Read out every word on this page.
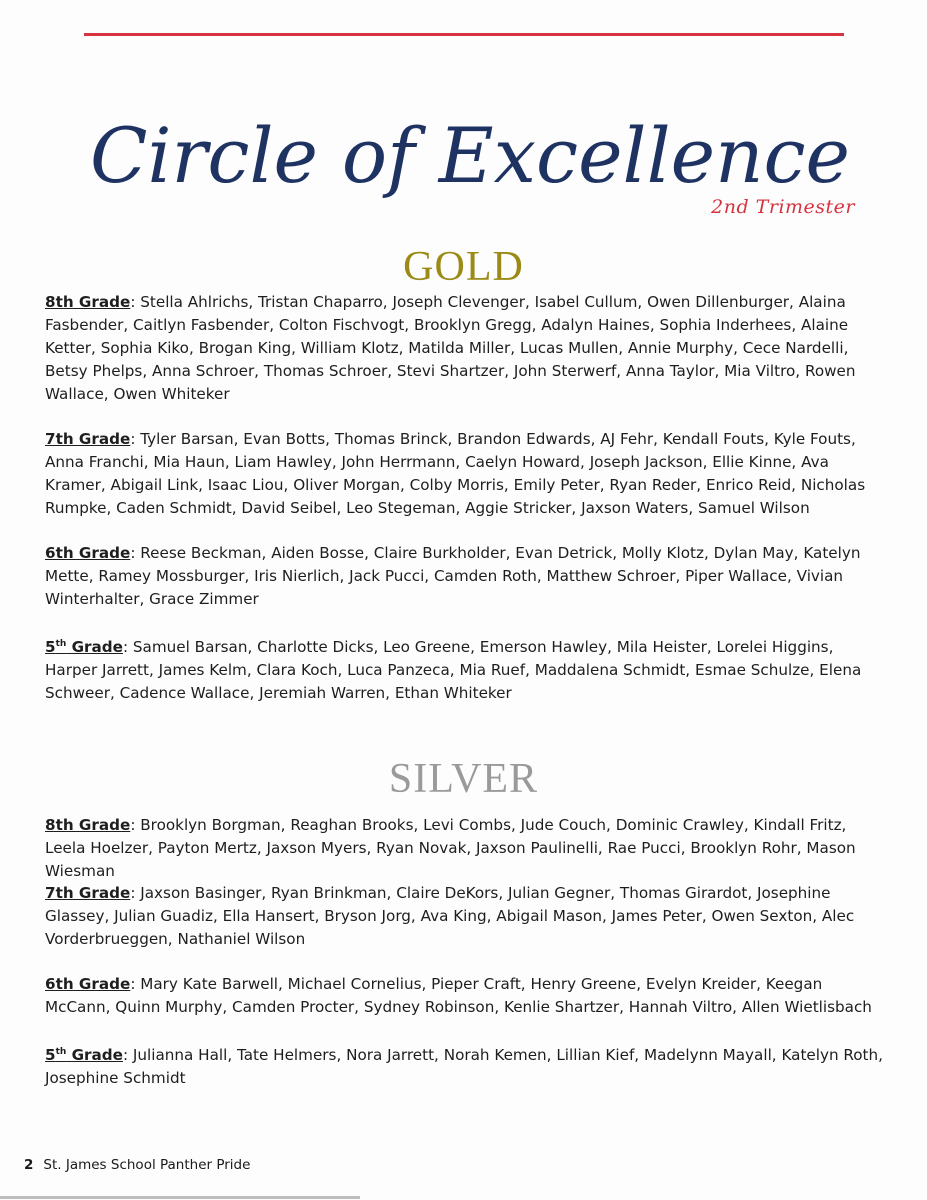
Circle of Excellence
2nd Trimester
GOLD
8th Grade: Stella Ahlrichs, Tristan Chaparro, Joseph Clevenger, Isabel Cullum, Owen Dillenburger, Alaina Fasbender, Caitlyn Fasbender, Colton Fischvogt, Brooklyn Gregg, Adalyn Haines, Sophia Inderhees, Alaine Ketter, Sophia Kiko, Brogan King, William Klotz, Matilda Miller, Lucas Mullen, Annie Murphy, Cece Nardelli, Betsy Phelps, Anna Schroer, Thomas Schroer, Stevi Shartzer, John Sterwerf, Anna Taylor, Mia Viltro, Rowen Wallace, Owen Whiteker
7th Grade: Tyler Barsan, Evan Botts, Thomas Brinck, Brandon Edwards, AJ Fehr, Kendall Fouts, Kyle Fouts, Anna Franchi, Mia Haun, Liam Hawley, John Herrmann, Caelyn Howard, Joseph Jackson, Ellie Kinne, Ava Kramer, Abigail Link, Isaac Liou, Oliver Morgan, Colby Morris, Emily Peter, Ryan Reder, Enrico Reid, Nicholas Rumpke, Caden Schmidt, David Seibel, Leo Stegeman, Aggie Stricker, Jaxson Waters, Samuel Wilson
6th Grade: Reese Beckman, Aiden Bosse, Claire Burkholder, Evan Detrick, Molly Klotz, Dylan May, Katelyn Mette, Ramey Mossburger, Iris Nierlich, Jack Pucci, Camden Roth, Matthew Schroer, Piper Wallace, Vivian Winterhalter, Grace Zimmer
5th Grade: Samuel Barsan, Charlotte Dicks, Leo Greene, Emerson Hawley, Mila Heister, Lorelei Higgins, Harper Jarrett, James Kelm, Clara Koch, Luca Panzeca, Mia Ruef, Maddalena Schmidt, Esmae Schulze, Elena Schweer, Cadence Wallace, Jeremiah Warren, Ethan Whiteker
SILVER
8th Grade: Brooklyn Borgman, Reaghan Brooks, Levi Combs, Jude Couch, Dominic Crawley, Kindall Fritz, Leela Hoelzer, Payton Mertz, Jaxson Myers, Ryan Novak, Jaxson Paulinelli, Rae Pucci, Brooklyn Rohr, Mason Wiesman
7th Grade: Jaxson Basinger, Ryan Brinkman, Claire DeKors, Julian Gegner, Thomas Girardot, Josephine Glassey, Julian Guadiz, Ella Hansert, Bryson Jorg, Ava King, Abigail Mason, James Peter, Owen Sexton, Alec Vorderbrueggen, Nathaniel Wilson
6th Grade: Mary Kate Barwell, Michael Cornelius, Pieper Craft, Henry Greene, Evelyn Kreider, Keegan McCann, Quinn Murphy, Camden Procter, Sydney Robinson, Kenlie Shartzer, Hannah Viltro, Allen Wietlisbach
5th Grade: Julianna Hall, Tate Helmers, Nora Jarrett, Norah Kemen, Lillian Kief, Madelynn Mayall, Katelyn Roth, Josephine Schmidt
2 St. James School Panther Pride
